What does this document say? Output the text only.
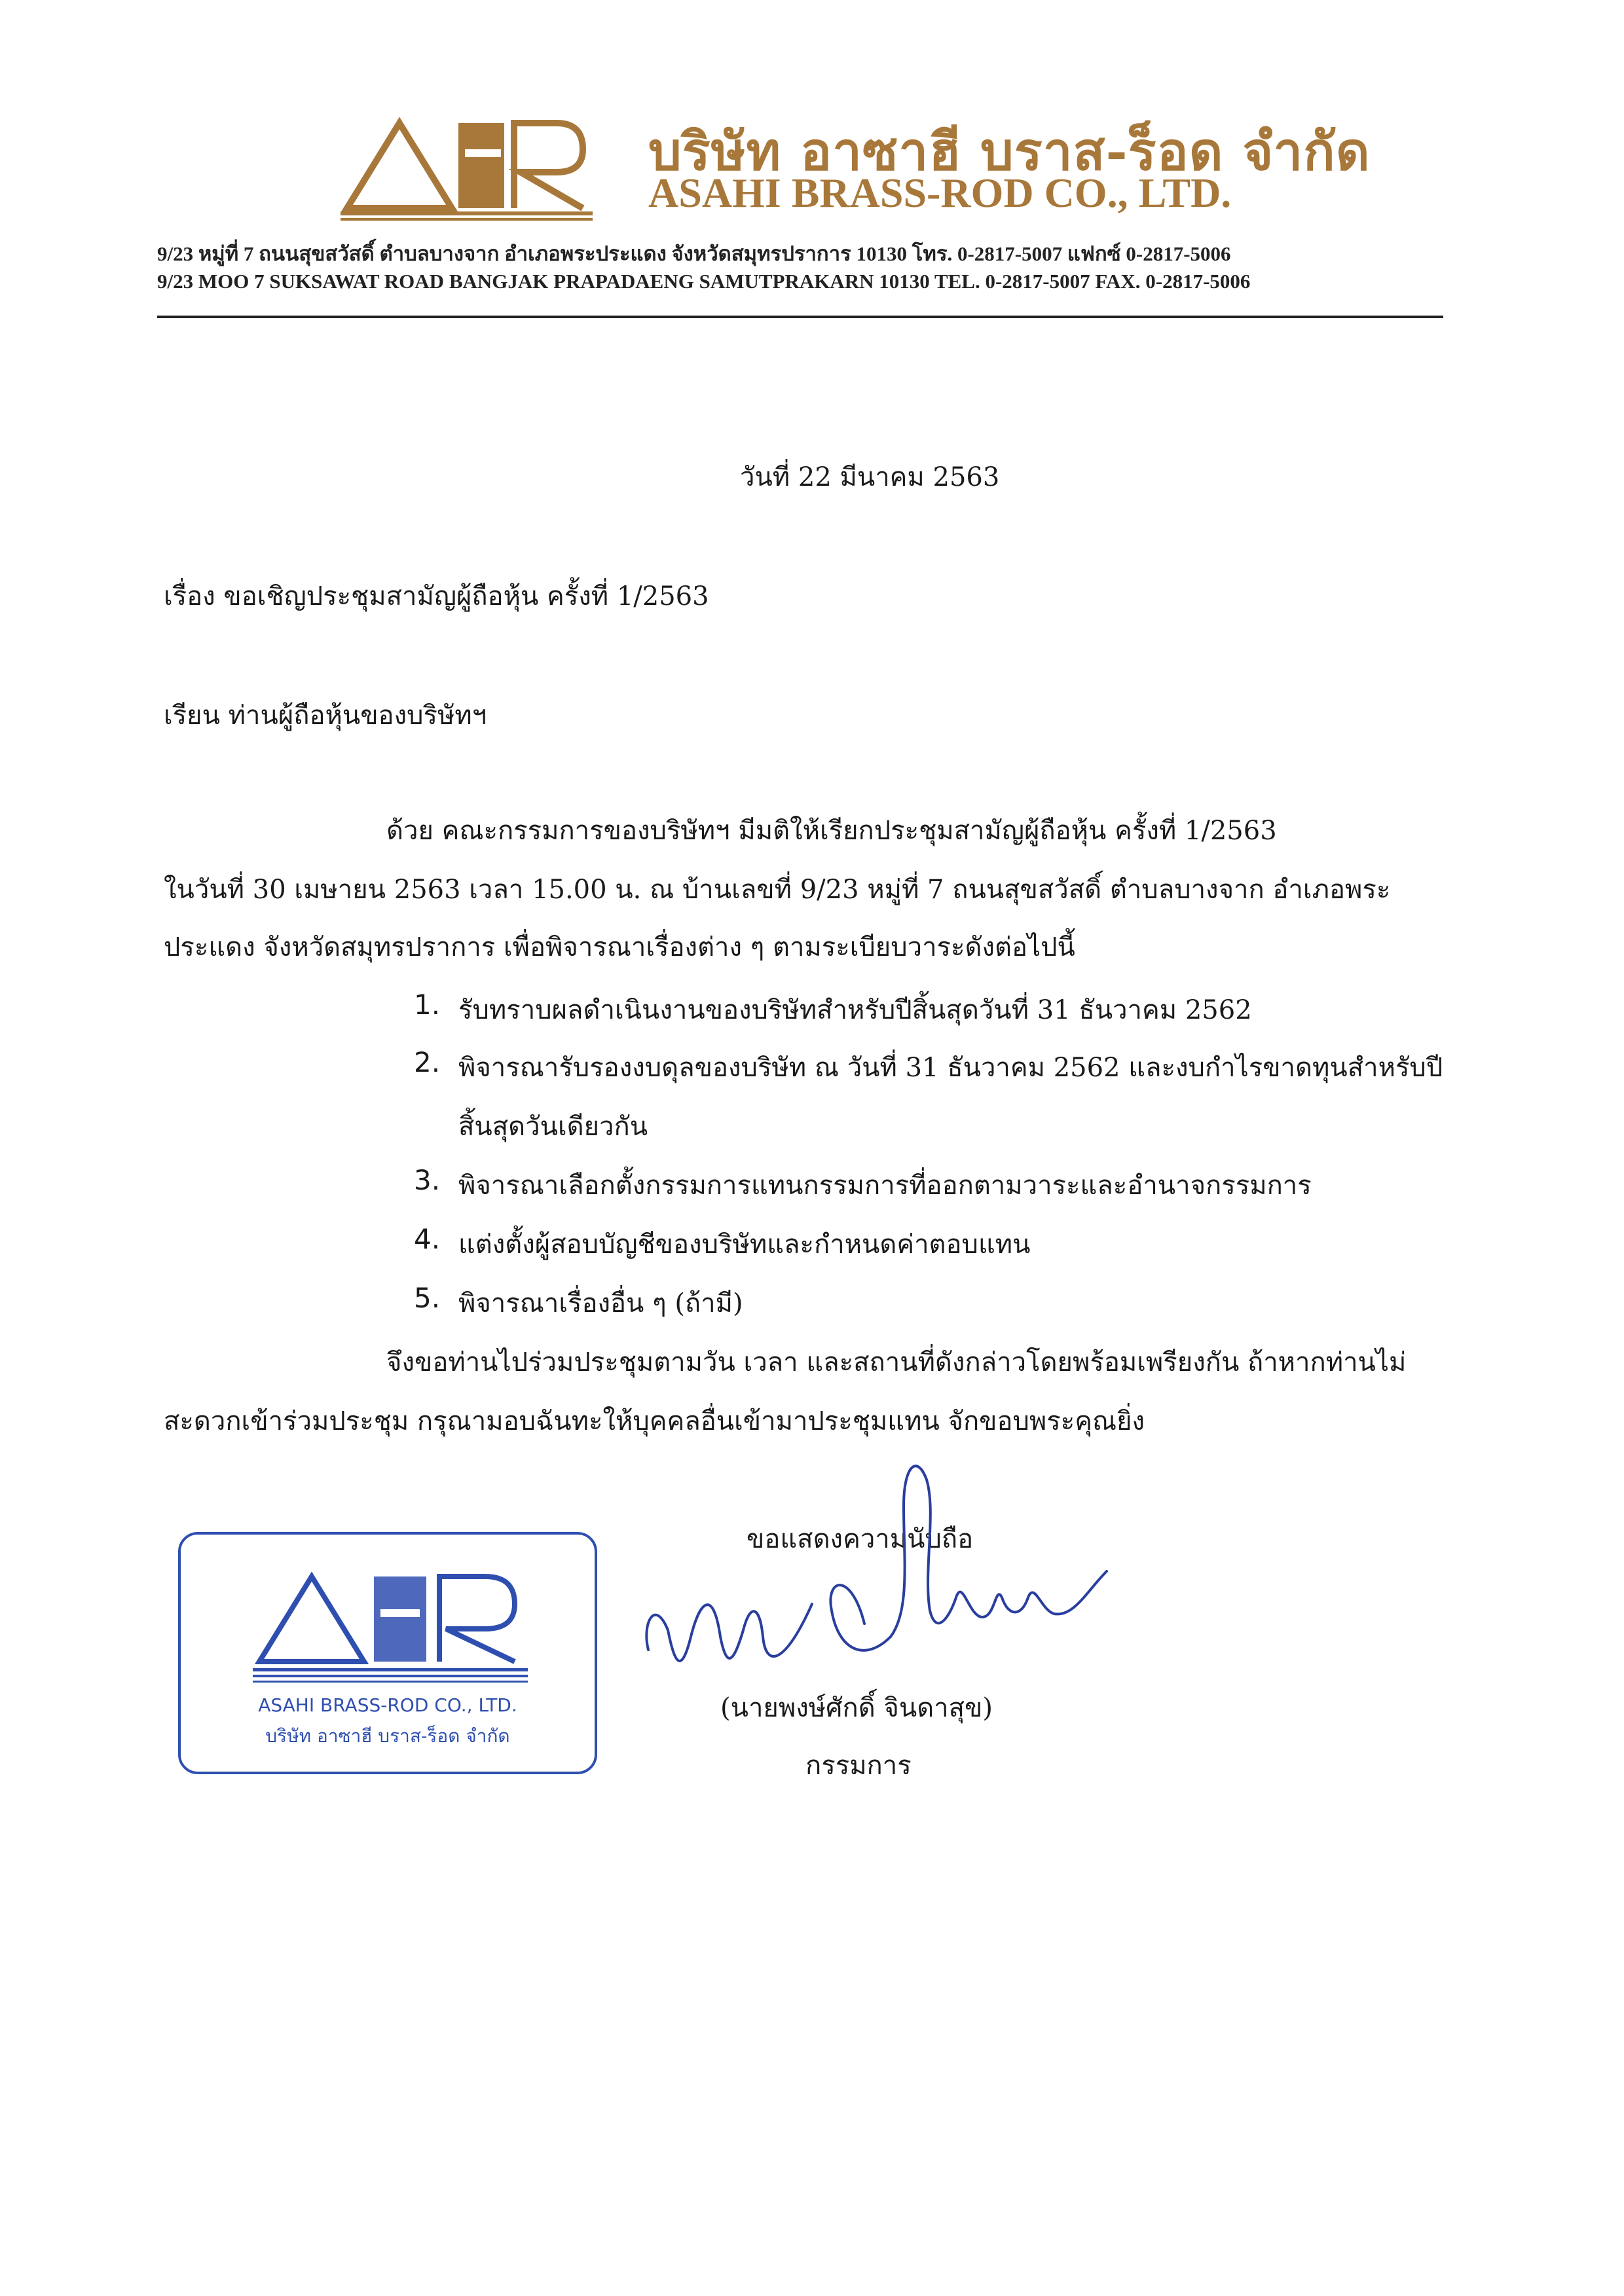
บริษัท อาซาฮี บราส-ร็อด จำกัด
ASAHI BRASS-ROD CO., LTD.
9/23 หมู่ที่ 7 ถนนสุขสวัสดิ์ ตำบลบางจาก อำเภอพระประแดง จังหวัดสมุทรปราการ 10130 โทร. 0-2817-5007 แฟกซ์ 0-2817-5006
9/23 MOO 7 SUKSAWAT ROAD BANGJAK PRAPADAENG SAMUTPRAKARN 10130 TEL. 0-2817-5007 FAX. 0-2817-5006
วันที่ 22 มีนาคม 2563
เรื่อง ขอเชิญประชุมสามัญผู้ถือหุ้น ครั้งที่ 1/2563
เรียน ท่านผู้ถือหุ้นของบริษัทฯ
ด้วย คณะกรรมการของบริษัทฯ มีมติให้เรียกประชุมสามัญผู้ถือหุ้น ครั้งที่ 1/2563
ในวันที่ 30 เมษายน 2563 เวลา 15.00 น. ณ บ้านเลขที่ 9/23 หมู่ที่ 7 ถนนสุขสวัสดิ์ ตำบลบางจาก อำเภอพระ
ประแดง จังหวัดสมุทรปราการ เพื่อพิจารณาเรื่องต่าง ๆ ตามระเบียบวาระดังต่อไปนี้
1. รับทราบผลดำเนินงานของบริษัทสำหรับปีสิ้นสุดวันที่ 31 ธันวาคม 2562
2. พิจารณารับรองงบดุลของบริษัท ณ วันที่ 31 ธันวาคม 2562 และงบกำไรขาดทุนสำหรับปี
สิ้นสุดวันเดียวกัน
3. พิจารณาเลือกตั้งกรรมการแทนกรรมการที่ออกตามวาระและอำนาจกรรมการ
4. แต่งตั้งผู้สอบบัญชีของบริษัทและกำหนดค่าตอบแทน
5. พิจารณาเรื่องอื่น ๆ (ถ้ามี)
จึงขอท่านไปร่วมประชุมตามวัน เวลา และสถานที่ดังกล่าวโดยพร้อมเพรียงกัน ถ้าหากท่านไม่
สะดวกเข้าร่วมประชุม กรุณามอบฉันทะให้บุคคลอื่นเข้ามาประชุมแทน จักขอบพระคุณยิ่ง
ASAHI BRASS-ROD CO., LTD.
บริษัท อาซาฮี บราส-ร็อด จำกัด
ขอแสดงความนับถือ
(นายพงษ์ศักดิ์ จินดาสุข)
กรรมการ
